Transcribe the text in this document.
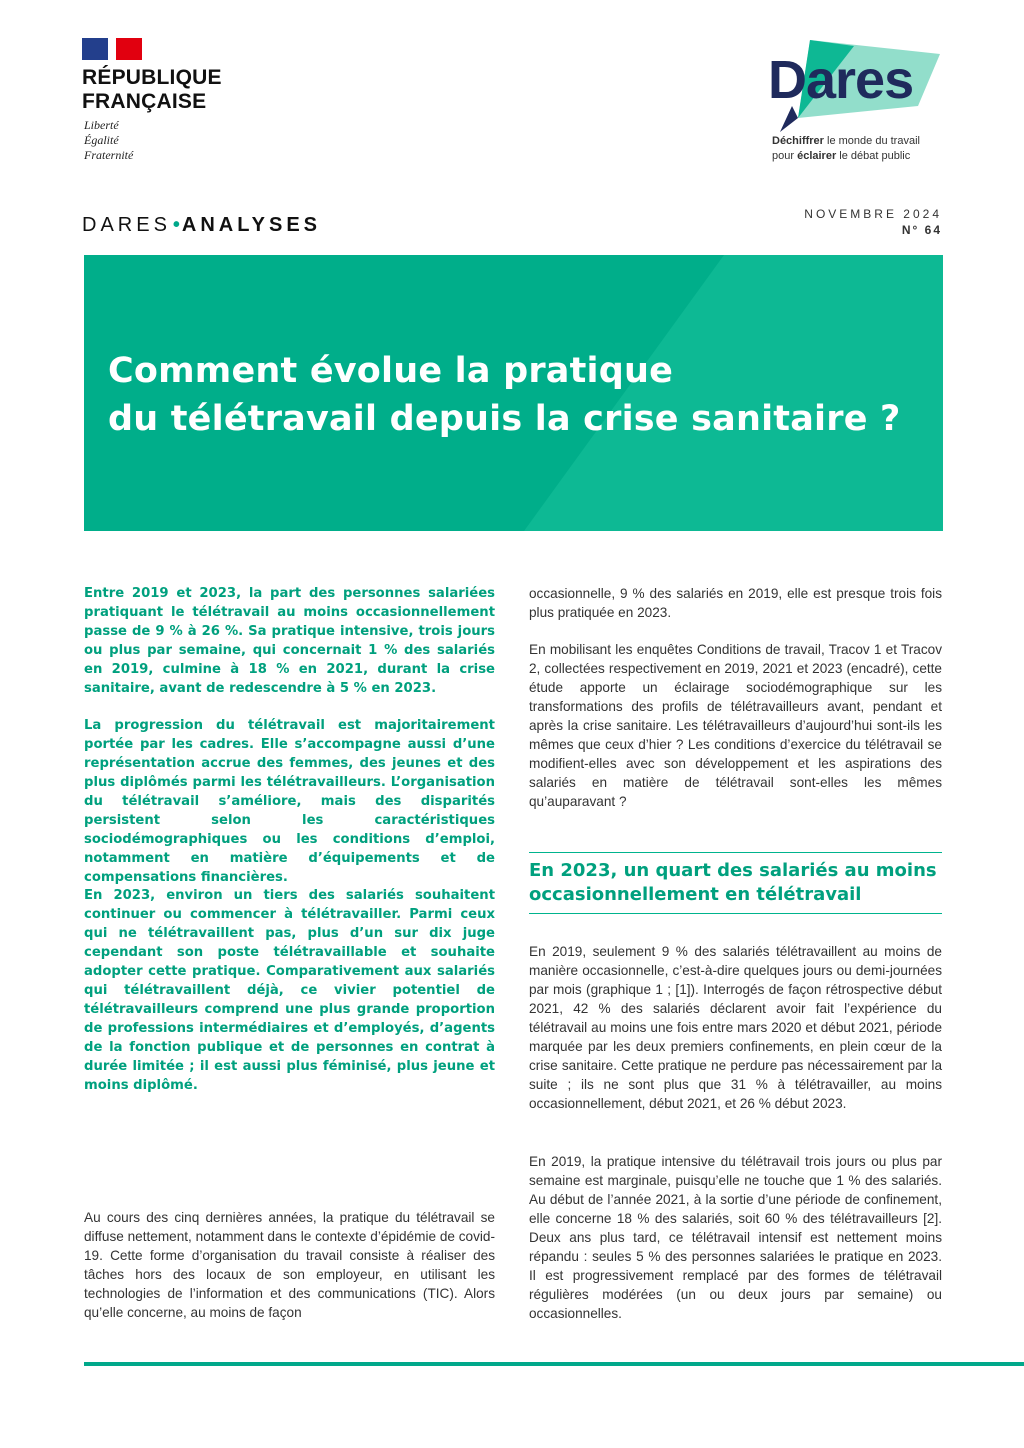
RÉPUBLIQUE
FRANÇAISE
Liberté
Égalité
Fraternité
Dares
Déchiffrer le monde du travail
pour éclairer le débat public
DARES • ANALYSES	NOVEMBRE 2024
N° 64
Comment évolue la pratique
du télétravail depuis la crise sanitaire ?

Entre 2019 et 2023, la part des personnes salariées pratiquant le télétravail au moins occasionnellement passe de 9 % à 26 %. Sa pratique intensive, trois jours ou plus par semaine, qui concernait 1 % des salariés en 2019, culmine à 18 % en 2021, durant la crise sanitaire, avant de redescendre à 5 % en 2023.

La progression du télétravail est majoritairement portée par les cadres. Elle s’accompagne aussi d’une représentation accrue des femmes, des jeunes et des plus diplômés parmi les télétravailleurs. L’organisation du télétravail s’améliore, mais des disparités persistent selon les caractéristiques sociodémographiques ou les conditions d’emploi, notamment en matière d’équipements et de compensations financières.

En 2023, environ un tiers des salariés souhaitent continuer ou commencer à télétravailler. Parmi ceux qui ne télétravaillent pas, plus d’un sur dix juge cependant son poste télétravaillable et souhaite adopter cette pratique. Comparativement aux salariés qui télétravaillent déjà, ce vivier potentiel de télétravailleurs comprend une plus grande proportion de professions intermédiaires et d’employés, d’agents de la fonction publique et de personnes en contrat à durée limitée ; il est aussi plus féminisé, plus jeune et moins diplômé.

Au cours des cinq dernières années, la pratique du télétravail se diffuse nettement, notamment dans le contexte d’épidémie de covid-19. Cette forme d’organisation du travail consiste à réaliser des tâches hors des locaux de son employeur, en utilisant les technologies de l’information et des communications (TIC). Alors qu’elle concerne, au moins de façon

occasionnelle, 9 % des salariés en 2019, elle est presque trois fois plus pratiquée en 2023.

En mobilisant les enquêtes Conditions de travail, Tracov 1 et Tracov 2, collectées respectivement en 2019, 2021 et 2023 (encadré), cette étude apporte un éclairage sociodémographique sur les transformations des profils de télétravailleurs avant, pendant et après la crise sanitaire. Les télétravailleurs d’aujourd’hui sont-ils les mêmes que ceux d’hier ? Les conditions d’exercice du télétravail se modifient-elles avec son développement et les aspirations des salariés en matière de télétravail sont-elles les mêmes qu’auparavant ?

En 2023, un quart des salariés au moins occasionnellement en télétravail

En 2019, seulement 9 % des salariés télétravaillent au moins de manière occasionnelle, c’est-à-dire quelques jours ou demi-journées par mois (graphique 1 ; [1]). Interrogés de façon rétrospective début 2021, 42 % des salariés déclarent avoir fait l’expérience du télétravail au moins une fois entre mars 2020 et début 2021, période marquée par les deux premiers confinements, en plein cœur de la crise sanitaire. Cette pratique ne perdure pas nécessairement par la suite ; ils ne sont plus que 31 % à télétravailler, au moins occasionnellement, début 2021, et 26 % début 2023.

En 2019, la pratique intensive du télétravail trois jours ou plus par semaine est marginale, puisqu’elle ne touche que 1 % des salariés. Au début de l’année 2021, à la sortie d’une période de confinement, elle concerne 18 % des salariés, soit 60 % des télétravailleurs [2]. Deux ans plus tard, ce télétravail intensif est nettement moins répandu : seules 5 % des personnes salariées le pratique en 2023. Il est progressivement remplacé par des formes de télétravail régulières modérées (un ou deux jours par semaine) ou occasionnelles.
